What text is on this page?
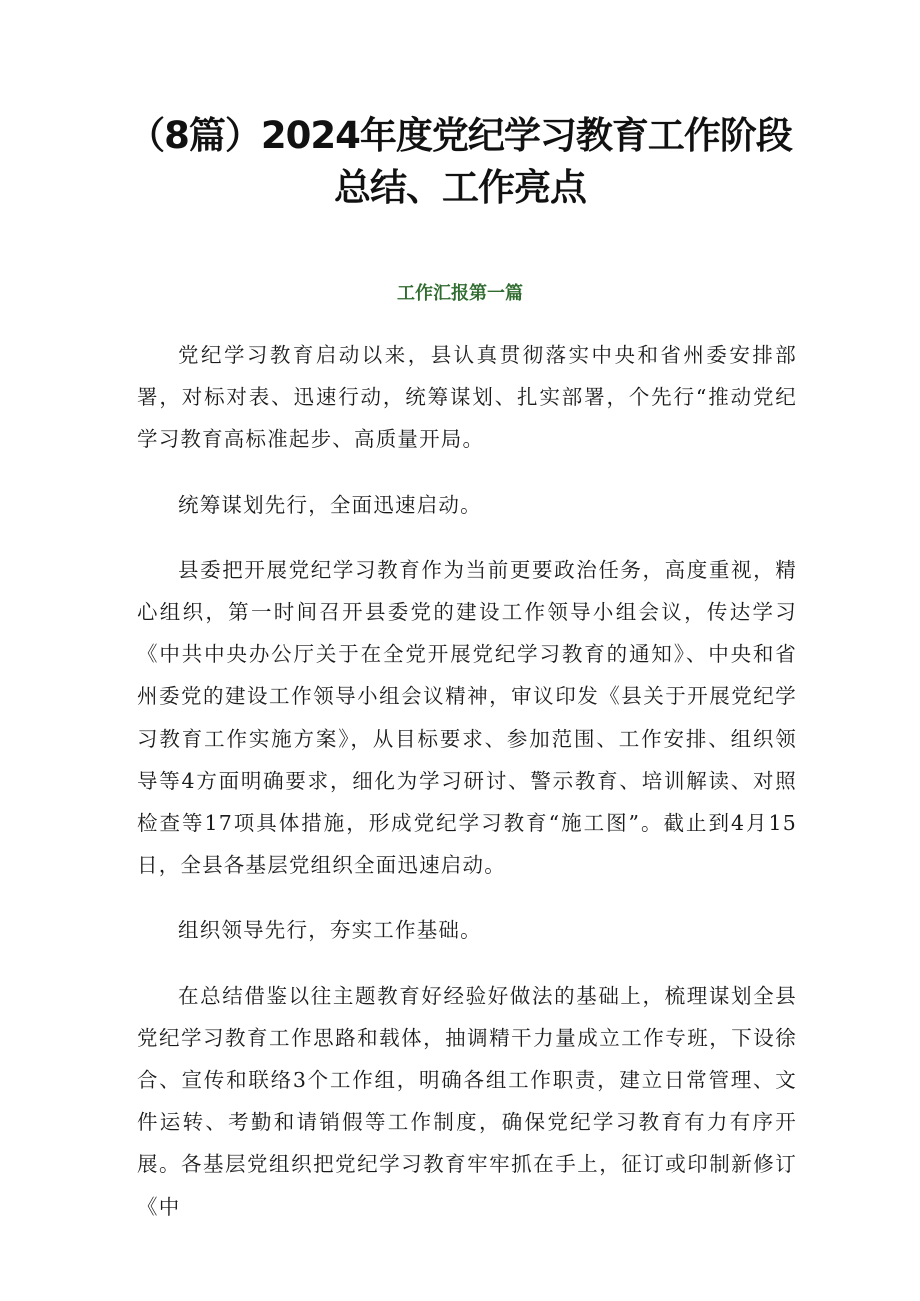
（8篇）2024年度党纪学习教育工作阶段
总结、工作亮点
工作汇报第一篇

党纪学习教育启动以来，县认真贯彻落实中央和省州委安排部署，对标对表、迅速行动，统筹谋划、扎实部署，个先行“推动党纪学习教育高标准起步、高质量开局。

统筹谋划先行，全面迅速启动。

县委把开展党纪学习教育作为当前更要政治任务，高度重视，精心组织，第一时间召开县委党的建设工作领导小组会议，传达学习《中共中央办公厅关于在全党开展党纪学习教育的通知》、中央和省州委党的建设工作领导小组会议精神，审议印发《县关于开展党纪学习教育工作实施方案》，从目标要求、参加范围、工作安排、组织领导等4方面明确要求，细化为学习研讨、警示教育、培训解读、对照检查等17项具体措施，形成党纪学习教育“施工图”。截止到4月15日，全县各基层党组织全面迅速启动。

组织领导先行，夯实工作基础。

在总结借鉴以往主题教育好经验好做法的基础上，梳理谋划全县党纪学习教育工作思路和载体，抽调精干力量成立工作专班，下设徐合、宣传和联络3个工作组，明确各组工作职责，建立日常管理、文件运转、考勤和请销假等工作制度，确保党纪学习教育有力有序开展。各基层党组织把党纪学习教育牢牢抓在手上，征订或印制新修订《中
